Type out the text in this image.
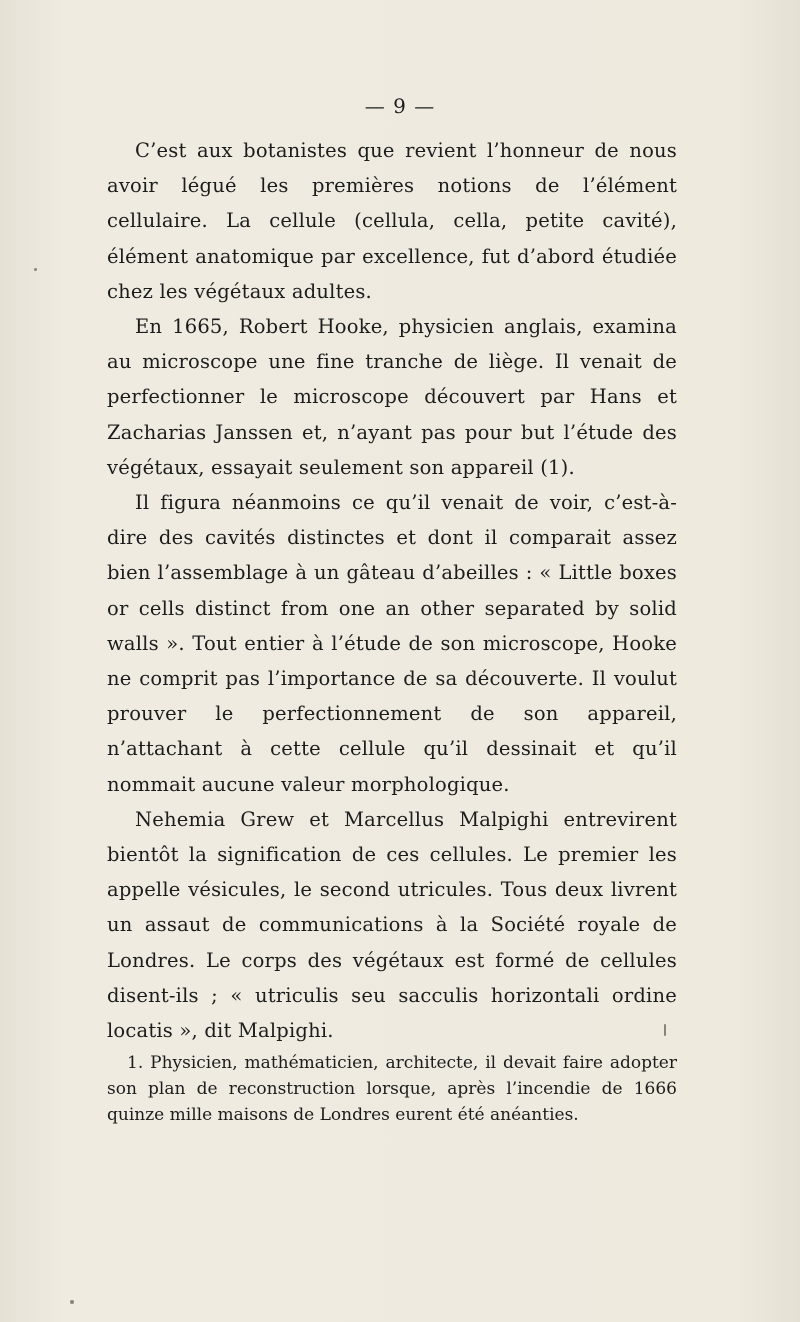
— 9 —

C’est aux botanistes que revient l’honneur de nous avoir légué les premières notions de l’élément cellulaire. La cellule (cellula, cella, petite cavité), élément anatomique par excellence, fut d’abord étudiée chez les végétaux adultes.

En 1665, Robert Hooke, physicien anglais, examina au microscope une fine tranche de liège. Il venait de perfectionner le microscope découvert par Hans et Zacharias Janssen et, n’ayant pas pour but l’étude des végétaux, essayait seulement son appareil (1).

Il figura néanmoins ce qu’il venait de voir, c’est-à-dire des cavités distinctes et dont il comparait assez bien l’assemblage à un gâteau d’abeilles : « Little boxes or cells distinct from one an other separated by solid walls ». Tout entier à l’étude de son microscope, Hooke ne comprit pas l’importance de sa découverte. Il voulut prouver le perfectionnement de son appareil, n’attachant à cette cellule qu’il dessinait et qu’il nommait aucune valeur morphologique.

Nehemia Grew et Marcellus Malpighi entrevirent bientôt la signification de ces cellules. Le premier les appelle vésicules, le second utricules. Tous deux livrent un assaut de communications à la Société royale de Londres. Le corps des végétaux est formé de cellules disent-ils ; « utriculis seu sacculis horizontali ordine locatis », dit Malpighi.

1. Physicien, mathématicien, architecte, il devait faire adopter son plan de reconstruction lorsque, après l’incendie de 1666 quinze mille maisons de Londres eurent été anéanties.
